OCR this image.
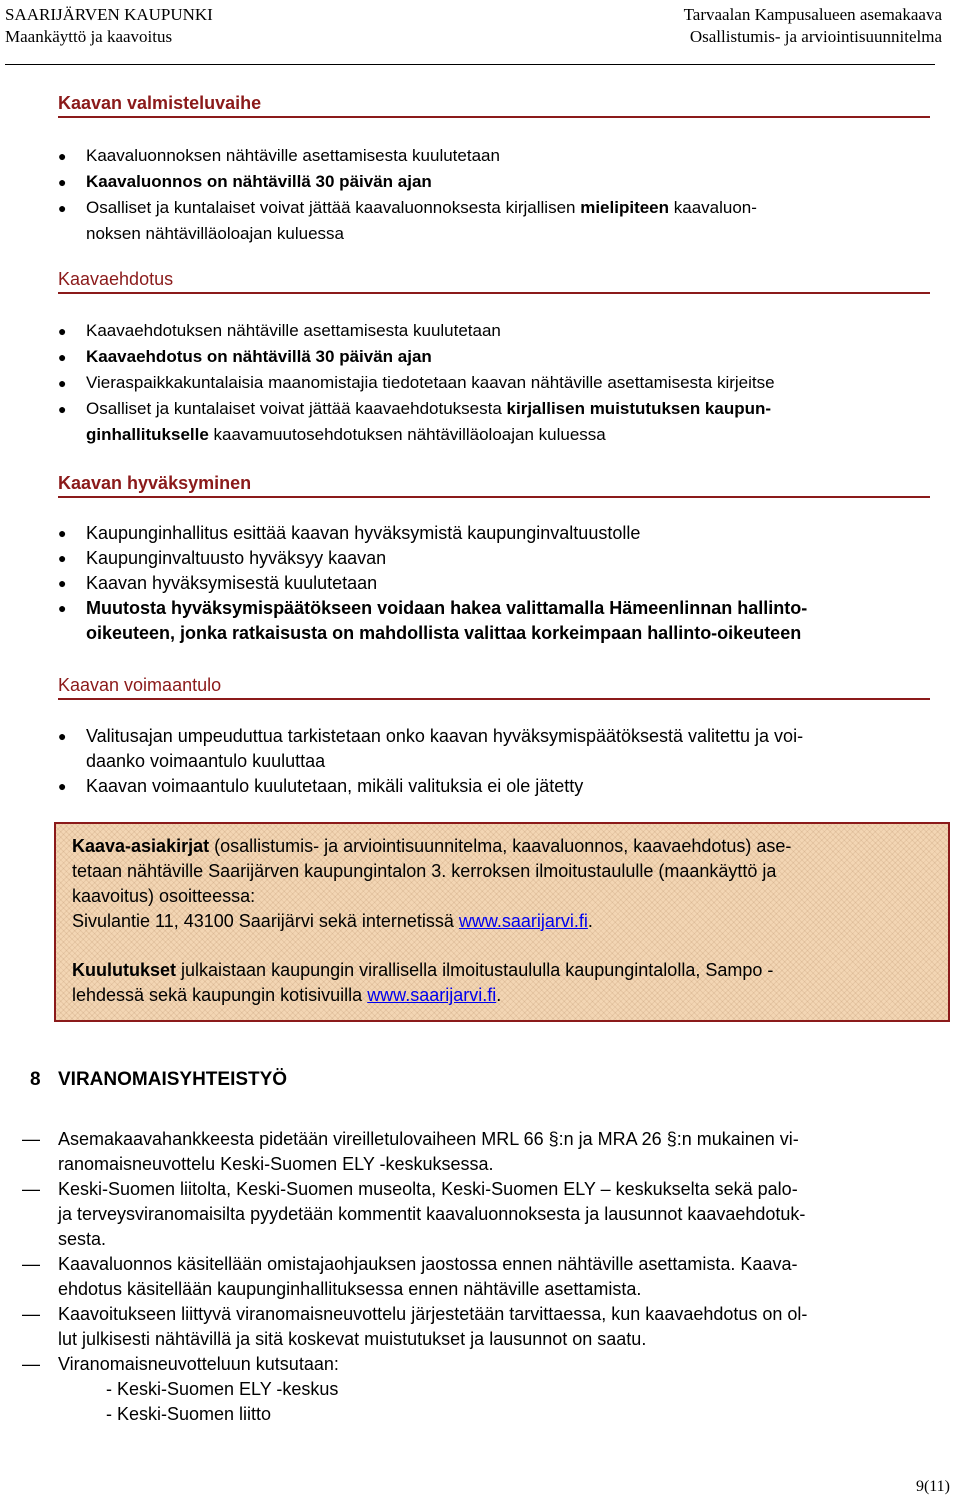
SAARIJÄRVEN KAUPUNKI
Maankäyttö ja kaavoitus
Tarvaalan Kampusalueen asemakaava
Osallistumis- ja arviointisuunnitelma
Kaavan valmisteluvaihe
● Kaavaluonnoksen nähtäville asettamisesta kuulutetaan
● Kaavaluonnos on nähtävillä 30 päivän ajan
● Osalliset ja kuntalaiset voivat jättää kaavaluonnoksesta kirjallisen mielipiteen kaavaluon-
noksen nähtävilläoloajan kuluessa
Kaavaehdotus
● Kaavaehdotuksen nähtäville asettamisesta kuulutetaan
● Kaavaehdotus on nähtävillä 30 päivän ajan
● Vieraspaikkakuntalaisia maanomistajia tiedotetaan kaavan nähtäville asettamisesta kirjeitse
● Osalliset ja kuntalaiset voivat jättää kaavaehdotuksesta kirjallisen muistutuksen kaupun-
ginhallitukselle kaavamuutosehdotuksen nähtävilläoloajan kuluessa
Kaavan hyväksyminen
● Kaupunginhallitus esittää kaavan hyväksymistä kaupunginvaltuustolle
● Kaupunginvaltuusto hyväksyy kaavan
● Kaavan hyväksymisestä kuulutetaan
● Muutosta hyväksymispäätökseen voidaan hakea valittamalla Hämeenlinnan hallinto-
oikeuteen, jonka ratkaisusta on mahdollista valittaa korkeimpaan hallinto-oikeuteen
Kaavan voimaantulo
● Valitusajan umpeuduttua tarkistetaan onko kaavan hyväksymispäätöksestä valitettu ja voi-
daanko voimaantulo kuuluttaa
● Kaavan voimaantulo kuulutetaan, mikäli valituksia ei ole jätetty

Kaava-asiakirjat (osallistumis- ja arviointisuunnitelma, kaavaluonnos, kaavaehdotus) ase-
tetaan nähtäville Saarijärven kaupungintalon 3. kerroksen ilmoitustaululle (maankäyttö ja
kaavoitus) osoitteessa:
Sivulantie 11, 43100 Saarijärvi sekä internetissä www.saarijarvi.fi.

Kuulutukset julkaistaan kaupungin virallisella ilmoitustaululla kaupungintalolla, Sampo -
lehdessä sekä kaupungin kotisivuilla www.saarijarvi.fi.

8 VIRANOMAISYHTEISTYÖ
— Asemakaavahankkeesta pidetään vireilletulovaiheen MRL 66 §:n ja MRA 26 §:n mukainen vi-
ranomaisneuvottelu Keski-Suomen ELY -keskuksessa.
— Keski-Suomen liitolta, Keski-Suomen museolta, Keski-Suomen ELY – keskukselta sekä palo-
ja terveysviranomaisilta pyydetään kommentit kaavaluonnoksesta ja lausunnot kaavaehdotuk-
sesta.
— Kaavaluonnos käsitellään omistajaohjauksen jaostossa ennen nähtäville asettamista. Kaava-
ehdotus käsitellään kaupunginhallituksessa ennen nähtäville asettamista.
— Kaavoitukseen liittyvä viranomaisneuvottelu järjestetään tarvittaessa, kun kaavaehdotus on ol-
lut julkisesti nähtävillä ja sitä koskevat muistutukset ja lausunnot on saatu.
— Viranomaisneuvotteluun kutsutaan:
- Keski-Suomen ELY -keskus
- Keski-Suomen liitto
9(11)
